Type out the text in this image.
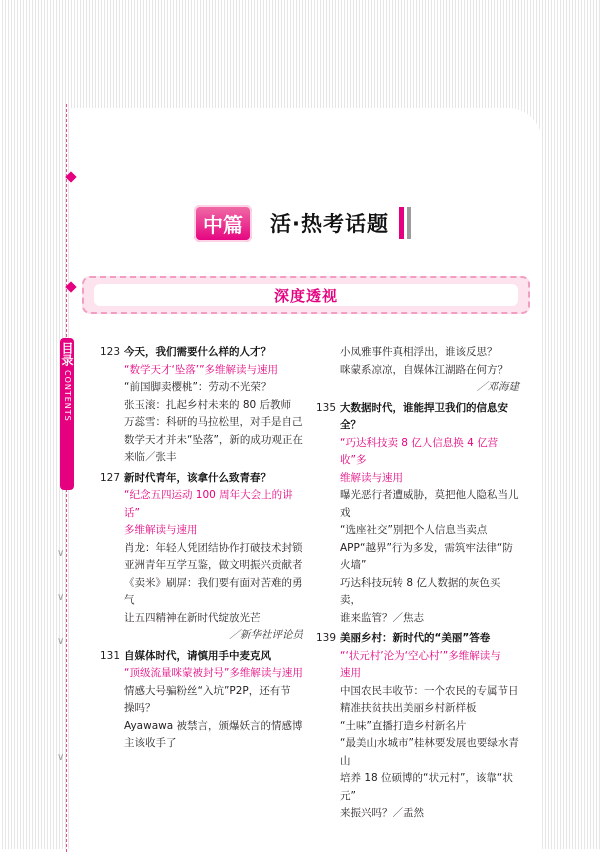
中篇	活·热考话题
深度透视
目录
CONTENTS
∨
∨
∨
∨
123 今天，我们需要什么样的人才？
“数学天才‘坠落’”多维解读与速用
“前国脚卖樱桃”：劳动不光荣？
张玉滚：扎起乡村未来的 80 后教师
万蕊雪：科研的马拉松里，对手是自己
数学天才并未“坠落”，新的成功观正在
来临／张丰
127 新时代青年，该拿什么致青春？
“纪念五四运动 100 周年大会上的讲话”
多维解读与速用
肖龙：年轻人凭团结协作打破技术封锁
亚洲青年互学互鉴，做文明振兴贡献者
《卖米》刷屏：我们要有面对苦难的勇气
让五四精神在新时代绽放光芒
／新华社评论员
131 自媒体时代，请慎用手中麦克风
“顶级流量咪蒙被封号”多维解读与速用
情感大号骗粉丝“入坑”P2P，还有节
操吗？
Ayawawa 被禁言，颁爆妖言的情感博
主该收手了
小凤雅事件真相浮出，谁该反思？
咪蒙系凉凉，自媒体江湖路在何方？
／邓海建
135 大数据时代，谁能捍卫我们的信息安全？
“巧达科技卖 8 亿人信息换 4 亿营收”多
维解读与速用
曝光恶行者遭威胁，莫把他人隐私当儿戏
“选座社交”别把个人信息当卖点
APP“越界”行为多发，需筑牢法律“防
火墙”
巧达科技玩转 8 亿人数据的灰色买卖，
谁来监管？／焦志
139 美丽乡村：新时代的“美丽”答卷
“‘状元村’沦为‘空心村’”多维解读与
速用
中国农民丰收节：一个农民的专属节日
精准扶贫扶出美丽乡村新样板
“土味”直播打造乡村新名片
“最美山水城市”桂林要发展也要绿水青山
培养 18 位硕博的“状元村”，该靠“状元”
来振兴吗？／盂然
